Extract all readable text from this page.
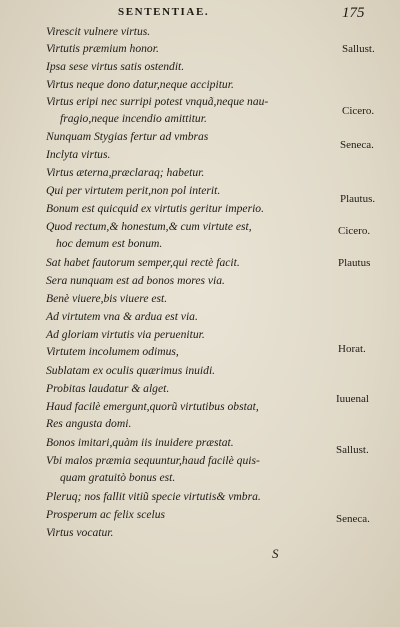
SENTENTIAE.	175
Virescit vulnere virtus.
Virtutis præmium honor.
Ipsa sese virtus satis ostendit.
Virtus neque dono datur,neque accipitur.
Virtus eripi nec surripi potest vnquã,neque nau-
fragio,neque incendio amittitur.
Nunquam Stygias fertur ad vmbras
Inclyta virtus.
Virtus æterna,præclaraq; habetur.
Qui per virtutem perit,non pol interit.
Bonum est quicquid ex virtutis geritur imperio.
Quod rectum,& honestum,& cum virtute est,
hoc demum est bonum.
Sat habet fautorum semper,qui rectè facit.
Sera nunquam est ad bonos mores via.
Benè viuere,bis viuere est.
Ad virtutem vna & ardua est via.
Ad gloriam virtutis via peruenitur.
Virtutem incolumem odimus,
Sublatam ex oculis quærimus inuidi.
Probitas laudatur & alget.
Haud facilè emergunt,quorũ virtutibus obstat,
Res angusta domi.
Bonos imitari,quàm iis inuidere præstat.
Vbi malos præmia sequuntur,haud facilè quis-
quam gratuitò bonus est.
Pleruq; nos fallit vitiũ specie virtutis& vmbra.
Prosperum ac felix scelus
Virtus vocatur.
Sallust.
Cicero.
Seneca.
Plautus.
Cicero.
Plautus
Horat.
Iuuenal
Sallust.
Seneca.
S
